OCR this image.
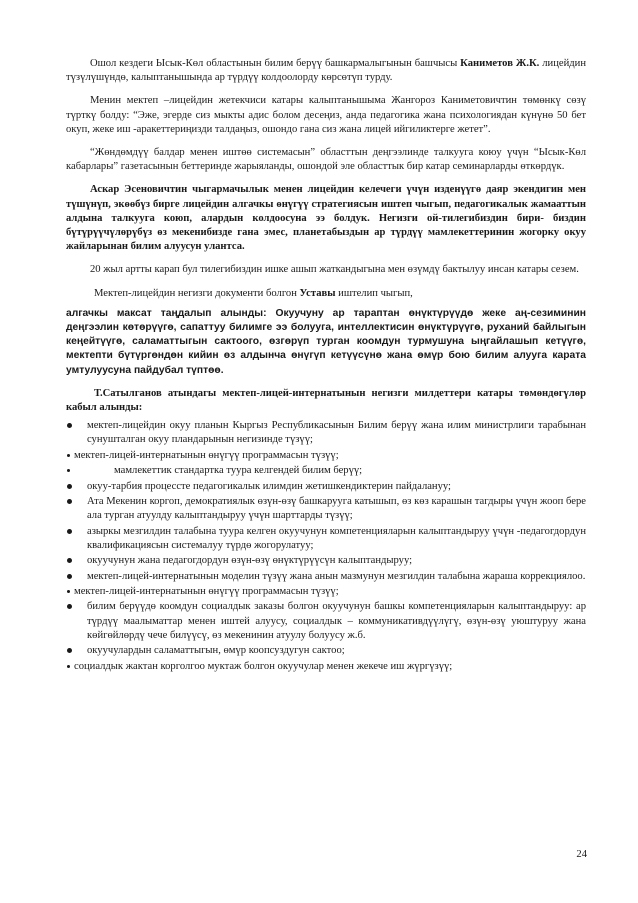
Ошол кездеги Ысык-Көл областынын билим берүү башкармалыгынын башчысы Каниметов Ж.К. лицейдин түзүлүшүндө, калыптанышында ар түрдүү колдоолорду көрсөтүп турду.

Менин мектеп –лицейдин жетекчиси катары калыптанышыма Жангороз Каниметовичтин төмөнкү сөзү түрткү болду: “Эже, эгерде сиз мыкты адис болом десеңиз, анда педагогика жана психологиядан күнүнө 50 бет окуп, жеке иш -аракеттериңизди талдаңыз, ошондо гана сиз жана лицей ийгиликтерге жетет”.

“Жөндөмдүү балдар менен иштөө системасын” областтын деңгээлинде талкууга коюу үчүн “Ысык-Көл кабарлары” газетасынын беттеринде жарыяланды, ошондой эле областтык бир катар семинарларды өткөрдүк.

Аскар Эсеновичтин чыгармачылык менен лицейдин келечеги үчүн изденүүгө даяр экендигин мен түшүнүп, экөөбүз бирге лицейдин алгачкы өнүгүү стратегиясын иштеп чыгып, педагогикалык жамааттын алдына талкууга коюп, алардын колдоосуна ээ болдук. Негизги ой-тилегибиздин бири- биздин бүтүрүүчүлөрүбүз өз мекенибизде гана эмес, планетабыздын ар түрдүү мамлекеттеринин жогорку окуу жайларынан билим алуусун улантса.

20 жыл артты карап бул тилегибиздин ишке ашып жаткандыгына мен өзүмдү бактылуу инсан катары сезем.

Мектеп-лицейдин негизги документи болгон Уставы иштелип чыгып,

алгачкы максат таңдалып алынды: Окуучуну ар тараптан өнүктүрүүдө жеке аң-сезиминин деңгээлин көтөрүүгө, сапаттуу билимге ээ болууга, интеллектисин өнүктүрүүгө, руханий байлыгын кеңейтүүгө, саламаттыгын сактоого, өзгөрүп турган коомдун турмушуна ыңгайлашып кетүүгө, мектепти бүтүргөндөн кийин өз алдынча өнүгүп кетүүсүнө жана өмүр бою билим алууга карата умтулуусуна пайдубал түптөө.

Т.Сатылганов атындагы мектеп-лицей-интернатынын негизги милдеттери катары төмөндөгүлөр кабыл алынды:

мектеп-лицейдин окуу планын Кыргыз Республикасынын Билим берүү жана илим министрлиги тарабынан сунушталган окуу пландарынын негизинде түзүү;
мектеп-лицей-интернатынын өнүгүү программасын түзүү;
мамлекеттик стандартка туура келгендей билим берүү;
окуу-тарбия процессте педагогикалык илимдин жетишкендиктерин пайдалануу;
Ата Мекенин коргоп, демократиялык өзүн-өзү башкарууга катышып, өз көз карашын тагдыры үчүн жооп бере ала турган атуулду калыптандыруу үчүн шарттарды түзүү;
азыркы мезгилдин талабына туура келген окуучунун компетенцияларын калыптандыруу үчүн -педагогдордун квалификациясын системалуу түрдө жогорулатуу;
окуучунун жана педагогдордун өзүн-өзү өнүктүрүүсүн калыптандыруу;
мектеп-лицей-интернатынын моделин түзүү жана анын мазмунун мезгилдин талабына жараша коррекциялоо.
мектеп-лицей-интернатынын өнүгүү программасын түзүү;
билим берүүдө коомдун социалдык заказы болгон окуучунун башкы компетенцияларын калыптандыруу: ар түрдүү маалыматтар менен иштей алуусу, социалдык – коммуникативдүүлүгү, өзүн-өзү уюштуруу жана көйгөйлөрдү чече билүүсү, өз мекенинин атуулу болуусу ж.б.
окуучулардын саламаттыгын, өмүр коопсуздугун сактоо;
социалдык жактан корголгоо муктаж болгон окуучулар менен жекече иш жүргүзүү;
24
